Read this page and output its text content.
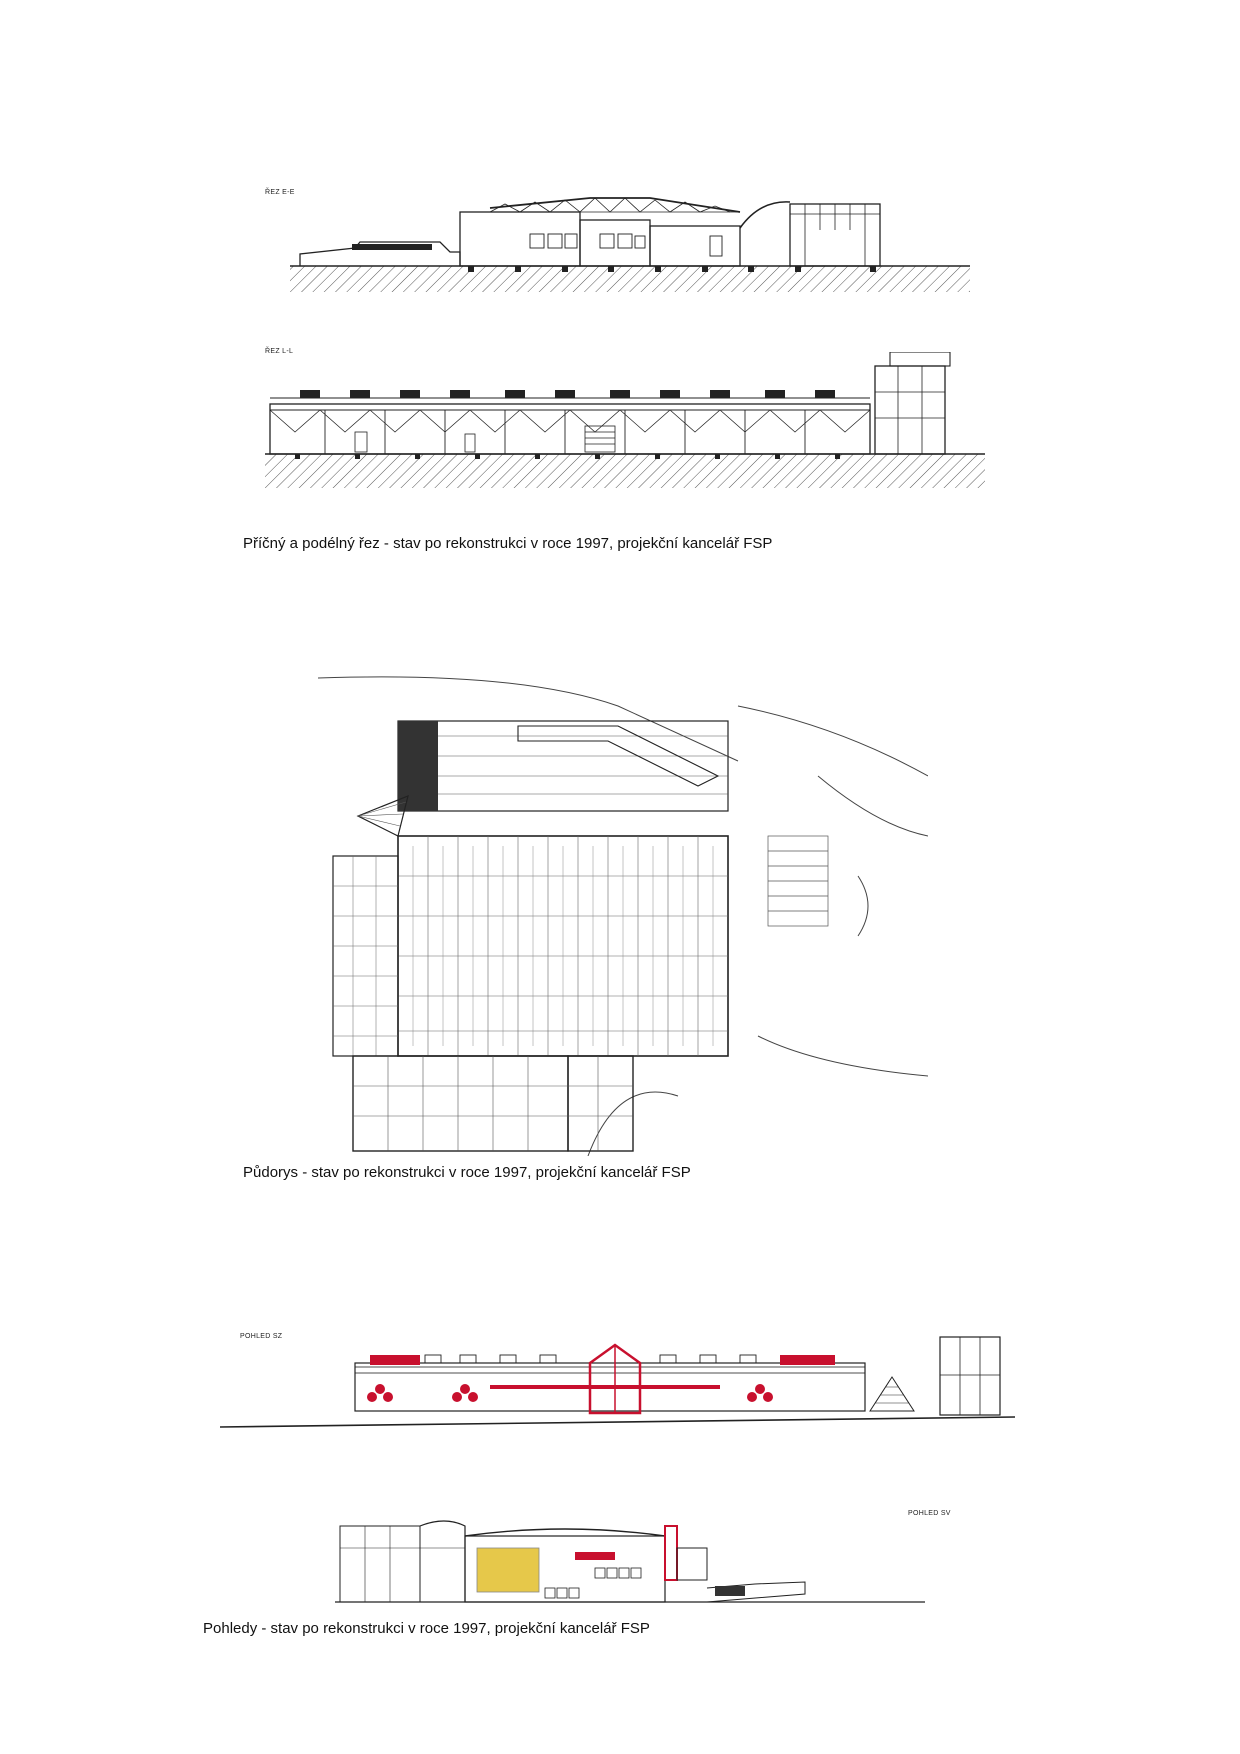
ŘEZ E-E
ŘEZ L-L
Příčný a podélný řez - stav po rekonstrukci v roce 1997, projekční kancelář FSP
Půdorys - stav po rekonstrukci v roce 1997, projekční kancelář FSP
POHLED SZ
POHLED SV
Pohledy - stav po rekonstrukci v roce 1997, projekční kancelář FSP
